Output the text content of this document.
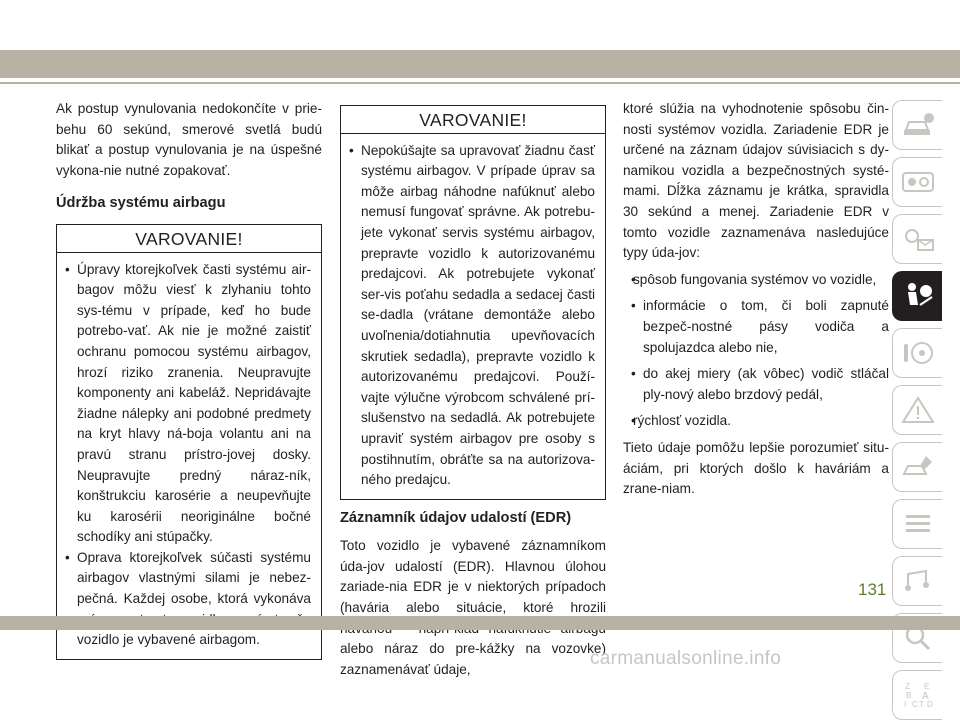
Ak postup vynulovania nedokončíte v prie-behu 60 sekúnd, smerové svetlá budú blikať a postup vynulovania je na úspešné vykona-nie nutné zopakovať.

Údržba systému airbagu

VAROVANIE!

• Úpravy ktorejkoľvek časti systému air-bagov môžu viesť k zlyhaniu tohto sys-tému v prípade, keď ho bude potrebo-vať. Ak nie je možné zaistiť ochranu pomocou systému airbagov, hrozí riziko zranenia. Neupravujte komponenty ani kabeláž. Nepridávajte žiadne nálepky ani podobné predmety na kryt hlavy ná-boja volantu ani na pravú stranu prístro-jovej dosky. Neupravujte predný náraz-ník, konštrukciu karosérie a neupevňujte ku karosérii neoriginálne bočné schodíky ani stúpačky.
• Oprava ktorejkoľvek súčasti systému airbagov vlastnými silami je nebez-pečná. Každej osobe, ktorá vykonáva vozidlo je vybavené airbagom.

VAROVANIE!

• Nepokúšajte sa upravovať žiadnu časť systému airbagov. V prípade úprav sa môže airbag náhodne nafúknuť alebo nemusí fungovať správne. Ak potrebu-jete vykonať servis systému airbagov, prepravte vozidlo k autorizovanému predajcovi. Ak potrebujete vykonať ser-vis poťahu sedadla a sedacej časti se-dadla (vrátane demontáže alebo uvoľnenia/dotiahnutia upevňovacích skrutiek sedadla), prepravte vozidlo k autorizovanému predajcovi. Použí-vajte výlučne výrobcom schválené prí-slušenstvo na sedadlá. Ak potrebujete upraviť systém airbagov pre osoby s postihnutím, obráťte sa na autorizova-ného predajcu.

Záznamník údajov udalostí (EDR)

Toto vozidlo je vybavené záznamníkom úda-jov udalostí (EDR). Hlavnou úlohou zariade-nia EDR je v niektorých prípadoch (havária alebo situácie, ktoré hrozili alebo náraz do pre-kážky na vozovke) zaznamenávať údaje,

ktoré slúžia na vyhodnotenie spôsobu čin-nosti systémov vozidla. Zariadenie EDR je určené na záznam údajov súvisiacich s dy-namikou vozidla a bezpečnostných systé-mami. Dĺžka záznamu je krátka, spravidla 30 sekúnd a menej. Zariadenie EDR v tomto vozidle zaznamenáva nasledujúce typy úda-jov:

• spôsob fungovania systémov vo vozidle,
• informácie o tom, či boli zapnuté bezpeč-nostné pásy vodiča a spolujazdca alebo nie,
• do akej miery (ak vôbec) vodič stláčal ply-nový alebo brzdový pedál,
• rýchlosť vozidla.

Tieto údaje pomôžu lepšie porozumieť situ-áciám, pri ktorých došlo k haváriám a zrane-niam.

Z E
B A
I C T D
131
carmanualsonline.info
